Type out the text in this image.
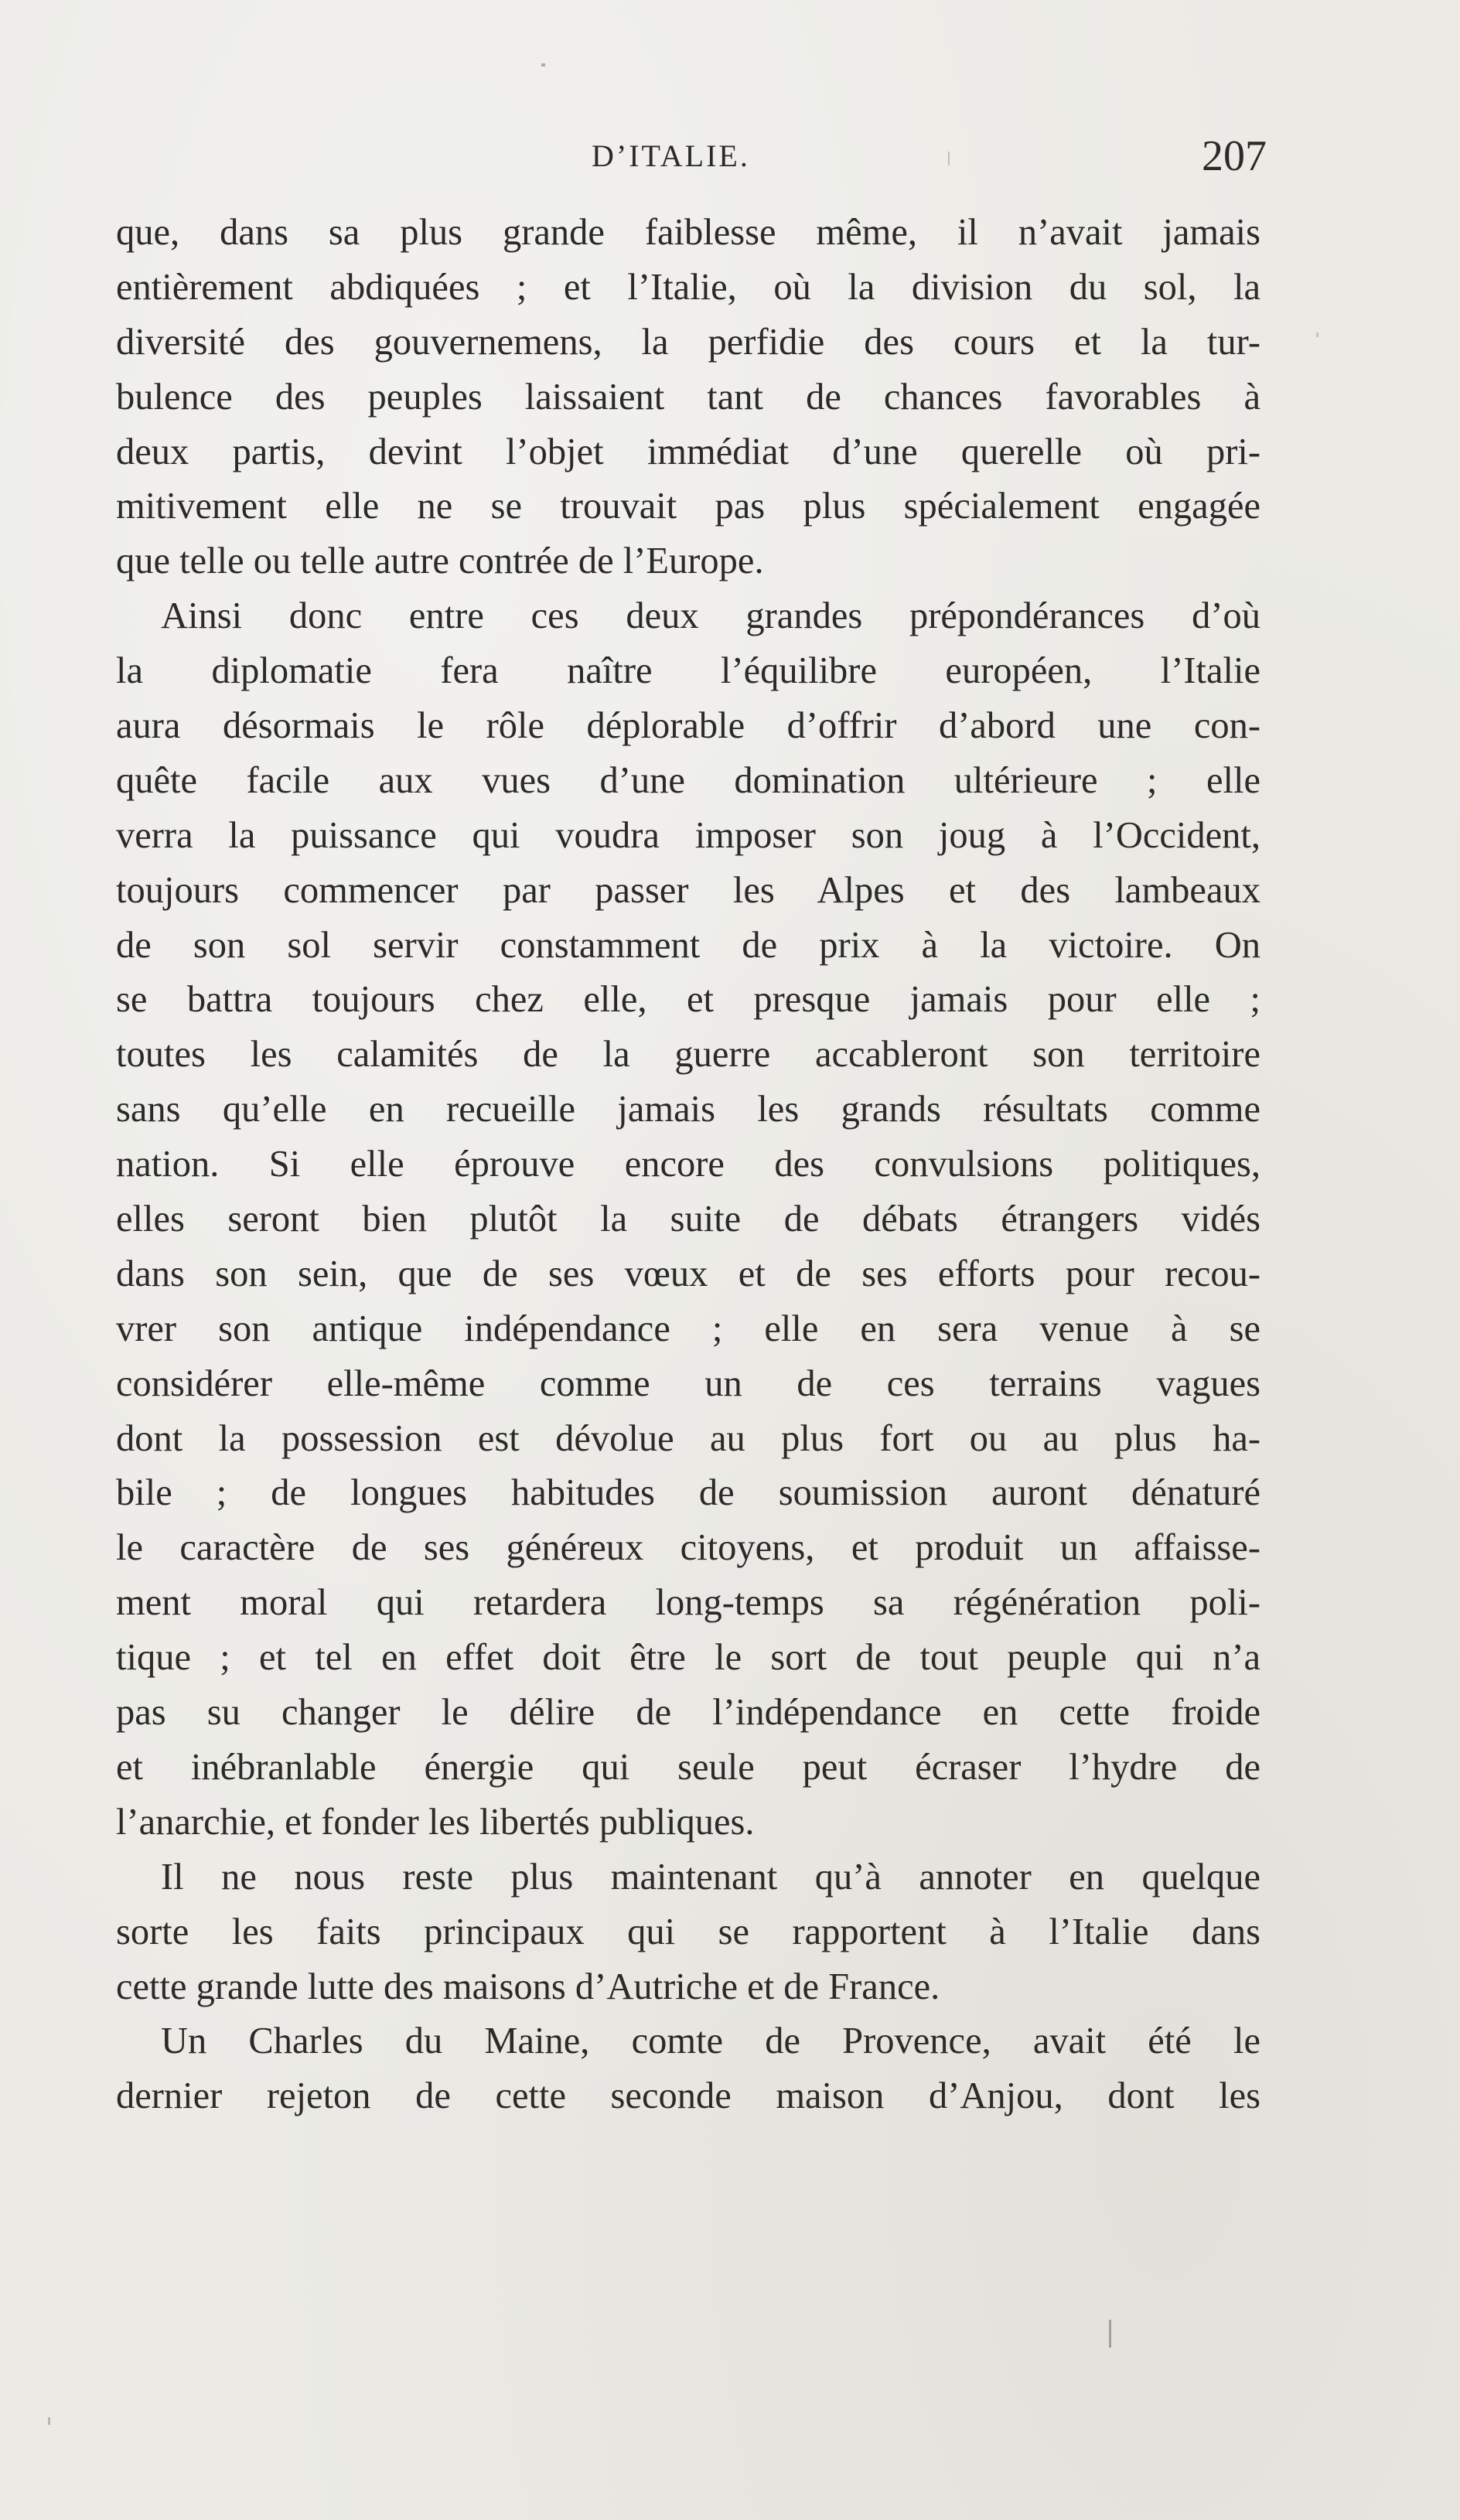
D’ITALIE.	207
que, dans sa plus grande faiblesse même, il n’avait jamais
entièrement abdiquées ; et l’Italie, où la division du sol, la
diversité des gouvernemens, la perfidie des cours et la tur-
bulence des peuples laissaient tant de chances favorables à
deux partis, devint l’objet immédiat d’une querelle où pri-
mitivement elle ne se trouvait pas plus spécialement engagée
que telle ou telle autre contrée de l’Europe.
Ainsi donc entre ces deux grandes prépondérances d’où
la diplomatie fera naître l’équilibre européen, l’Italie
aura désormais le rôle déplorable d’offrir d’abord une con-
quête facile aux vues d’une domination ultérieure ; elle
verra la puissance qui voudra imposer son joug à l’Occident,
toujours commencer par passer les Alpes et des lambeaux
de son sol servir constamment de prix à la victoire. On
se battra toujours chez elle, et presque jamais pour elle ;
toutes les calamités de la guerre accableront son territoire
sans qu’elle en recueille jamais les grands résultats comme
nation. Si elle éprouve encore des convulsions politiques,
elles seront bien plutôt la suite de débats étrangers vidés
dans son sein, que de ses vœux et de ses efforts pour recou-
vrer son antique indépendance ; elle en sera venue à se
considérer elle-même comme un de ces terrains vagues
dont la possession est dévolue au plus fort ou au plus ha-
bile ; de longues habitudes de soumission auront dénaturé
le caractère de ses généreux citoyens, et produit un affaisse-
ment moral qui retardera long-temps sa régénération poli-
tique ; et tel en effet doit être le sort de tout peuple qui n’a
pas su changer le délire de l’indépendance en cette froide
et inébranlable énergie qui seule peut écraser l’hydre de
l’anarchie, et fonder les libertés publiques.
Il ne nous reste plus maintenant qu’à annoter en quelque
sorte les faits principaux qui se rapportent à l’Italie dans
cette grande lutte des maisons d’Autriche et de France.
Un Charles du Maine, comte de Provence, avait été le
dernier rejeton de cette seconde maison d’Anjou, dont les
